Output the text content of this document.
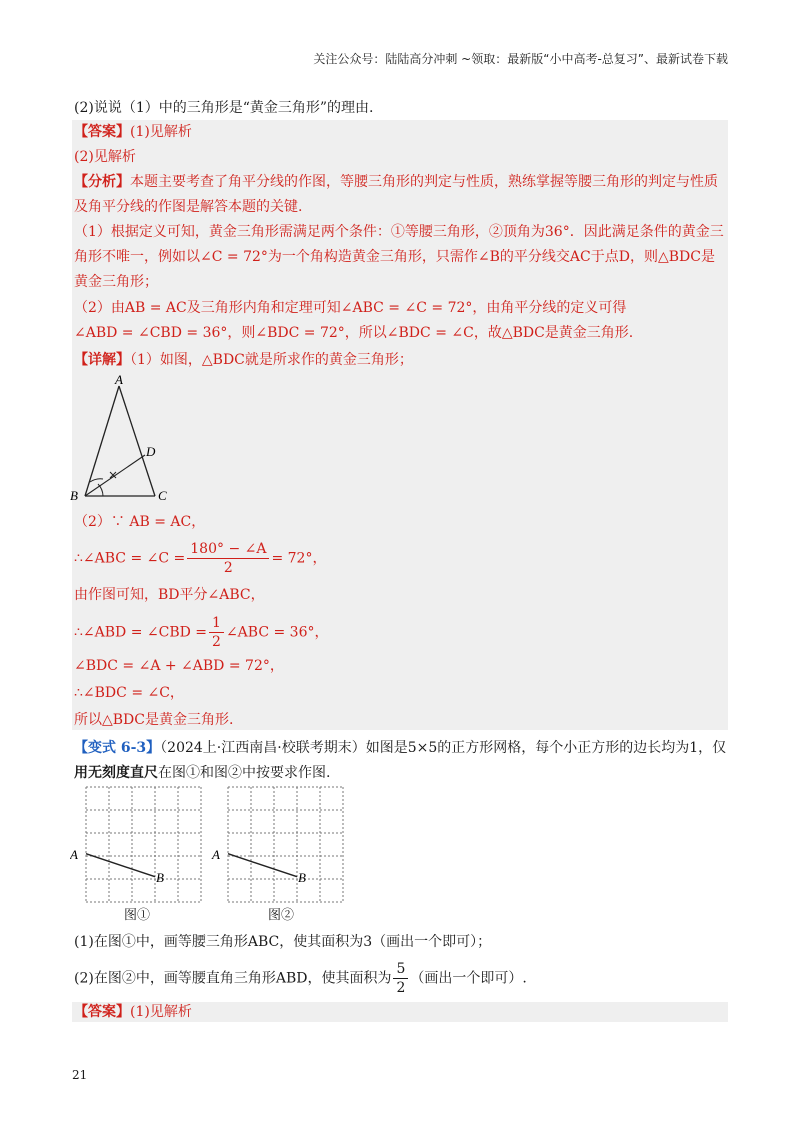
关注公众号：陆陆高分冲刺 ~领取：最新版“小中高考-总复习”、最新试卷下载
(2)说说（1）中的三角形是“黄金三角形”的理由.
【答案】(1)见解析
(2)见解析
【分析】本题主要考查了角平分线的作图，等腰三角形的判定与性质，熟练掌握等腰三角形的判定与性质
及角平分线的作图是解答本题的关键.
（1）根据定义可知，黄金三角形需满足两个条件：①等腰三角形，②顶角为36°．因此满足条件的黄金三
角形不唯一，例如以∠C = 72°为一个角构造黄金三角形，只需作∠B的平分线交AC于点D，则△BDC是
黄金三角形；
（2）由AB = AC及三角形内角和定理可知∠ABC = ∠C = 72°，由角平分线的定义可得
∠ABD = ∠CBD = 36°，则∠BDC = 72°，所以∠BDC = ∠C，故△BDC是黄金三角形.
【详解】（1）如图，△BDC就是所求作的黄金三角形；
A
B	C
D
（2）∵ AB = AC，
∴∠ABC = ∠C = $\frac{180^\circ - \angle A}{2} = 72^\circ$，
由作图可知，BD平分∠ABC，
∴∠ABD = ∠CBD = $\frac{1}{2}$ ∠ABC = 36°，
∠BDC = ∠A + ∠ABD = 72°，
∴∠BDC = ∠C，
所以△BDC是黄金三角形.
【变式 6-3】（2024上·江西南昌·校联考期末）如图是5×5的正方形网格，每个小正方形的边长均为1，仅
用无刻度直尺在图①和图②中按要求作图.
A
B
A
B
图①	图②
(1)在图①中，画等腰三角形ABC，使其面积为3（画出一个即可）；
(2)在图②中，画等腰直角三角形ABD，使其面积为 $\frac{5}{2}$ （画出一个即可）.
【答案】(1)见解析
21
